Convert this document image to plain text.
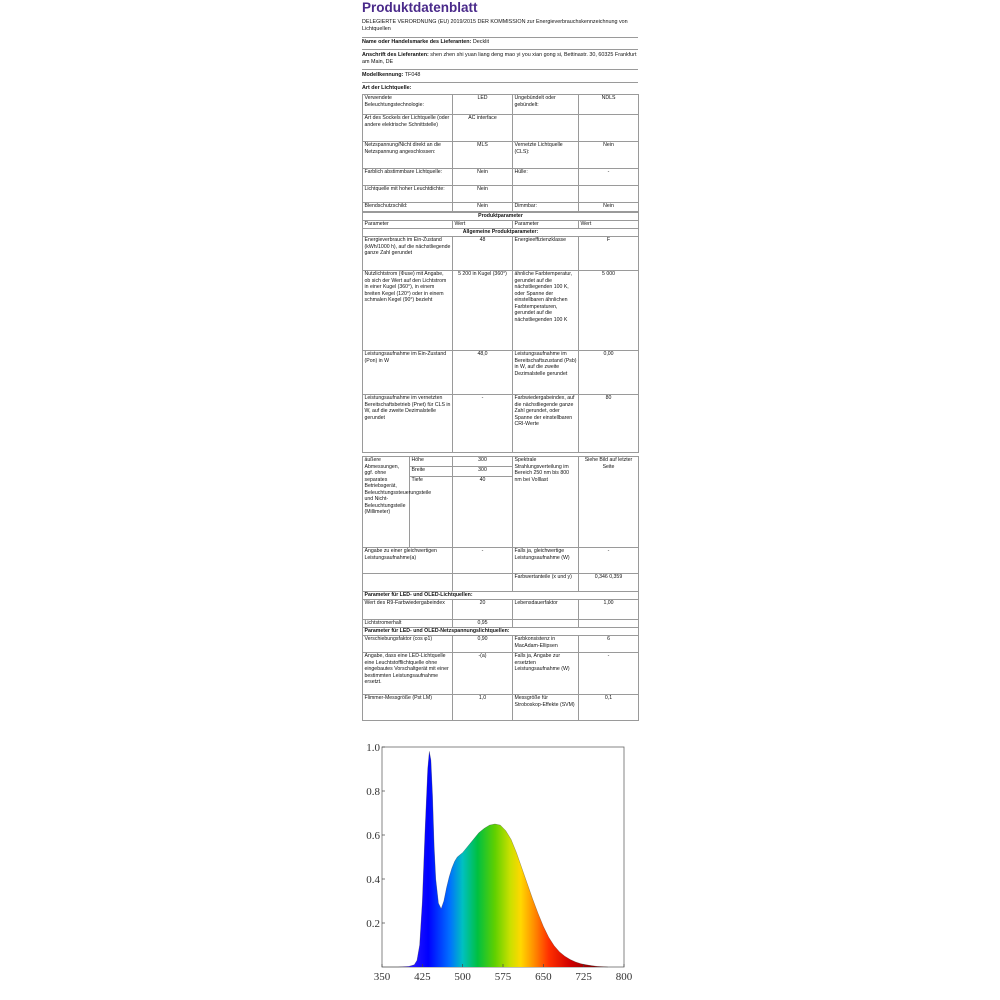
Produktdatenblatt
DELEGIERTE VERORDNUNG (EU) 2019/2015 DER KOMMISSION zur Energieverbrauchskennzeichnung von Lichtquellen
Name oder Handelsmarke des Lieferanten: Decklit
Anschrift des Lieferanten: shen zhen shi yuan liang deng mao yi you xian gong si, Bettinastr. 30, 60325 Frankfurt am Main, DE
Modellkennung: TF048
Art der Lichtquelle:
Verwendete Beleuchtungstechnologie:	LED	Ungebündelt oder gebündelt:	NDLS
Art des Sockels der Lichtquelle (oder andere elektrische Schnittstelle)	AC interface		
Netzspannung/Nicht direkt an die Netzspannung angeschlossen:	MLS	Vernetzte Lichtquelle (CLS):	Nein
Farblich abstimmbare Lichtquelle:	Nein	Hülle:	-
Lichtquelle mit hoher Leuchtdichte:	Nein		
Blendschutzschild:	Nein	Dimmbar:	Nein
Produktparameter			
Parameter	Wert	Parameter	Wert
Allgemeine Produktparameter:			
Energieverbrauch im Ein-Zustand (kWh/1000 h), auf die nächstliegende ganze Zahl gerundet	48	Energieeffizienzklasse	F
Nutzlichtstrom (Φuse) mit Angabe, ob sich der Wert auf den Lichtstrom in einer Kugel (360°), in einem breiten Kegel (120°) oder in einem schmalen Kegel (90°) bezieht	5 200 in Kugel (360°)	ähnliche Farbtemperatur, gerundet auf die nächstliegenden 100 K, oder Spanne der einstellbaren ähnlichen Farbtemperaturen, gerundet auf die nächstliegenden 100 K	5 000
Leistungsaufnahme im Ein-Zustand (Pon) in W	48,0	Leistungsaufnahme im Bereitschaftszustand (Psb) in W, auf die zweite Dezimalstelle gerundet	0,00
Leistungsaufnahme im vernetzten Bereitschaftsbetrieb (Pnet) für CLS in W, auf die zweite Dezimalstelle gerundet	-	Farbwiedergabeindex, auf die nächstliegende ganze Zahl gerundet, oder Spanne der einstellbaren CRI-Werte	80
äußere Abmessungen, ggf. ohne separates Betriebsgerät, Beleuchtungssteuerungsteile und Nicht-Beleuchtungsteile (Millimeter)	Höhe	300	Spektrale Strahlungsverteilung im Bereich 250 nm bis 800 nm bei Volllast	Siehe Bild auf letzter Seite
	Breite	300		
	Tiefe	40		
Angabe zu einer gleichwertigen Leistungsaufnahme(a)		-	Falls ja, gleichwertige Leistungsaufnahme (W)	-
			Farbwertanteile (x und y)	0,346 0,359
Parameter für LED- und OLED-Lichtquellen:			
Wert des R9-Farbwiedergabeindex	20	Lebensdauerfaktor	1,00
Lichtstromerhalt	0,95		
Parameter für LED- und OLED-Netzspannungslichtquellen:			
Verschiebungsfaktor (cos φ1)	0,90	Farbkonsistenz in MacAdam-Ellipsen	6
Angabe, dass eine LED-Lichtquelle eine Leuchtstofflichtquelle ohne eingebautes Vorschaltgerät mit einer bestimmten Leistungsaufnahme ersetzt.	-(a)	Falls ja, Angabe zur ersetzten Leistungsaufnahme (W)	-
Flimmer-Messgröße (Pst LM)	1,0	Messgröße für Stroboskop-Effekte (SVM)	0,1
350 425 500 575 650 725 800
0.2
0.4
0.6
0.8
1.0
